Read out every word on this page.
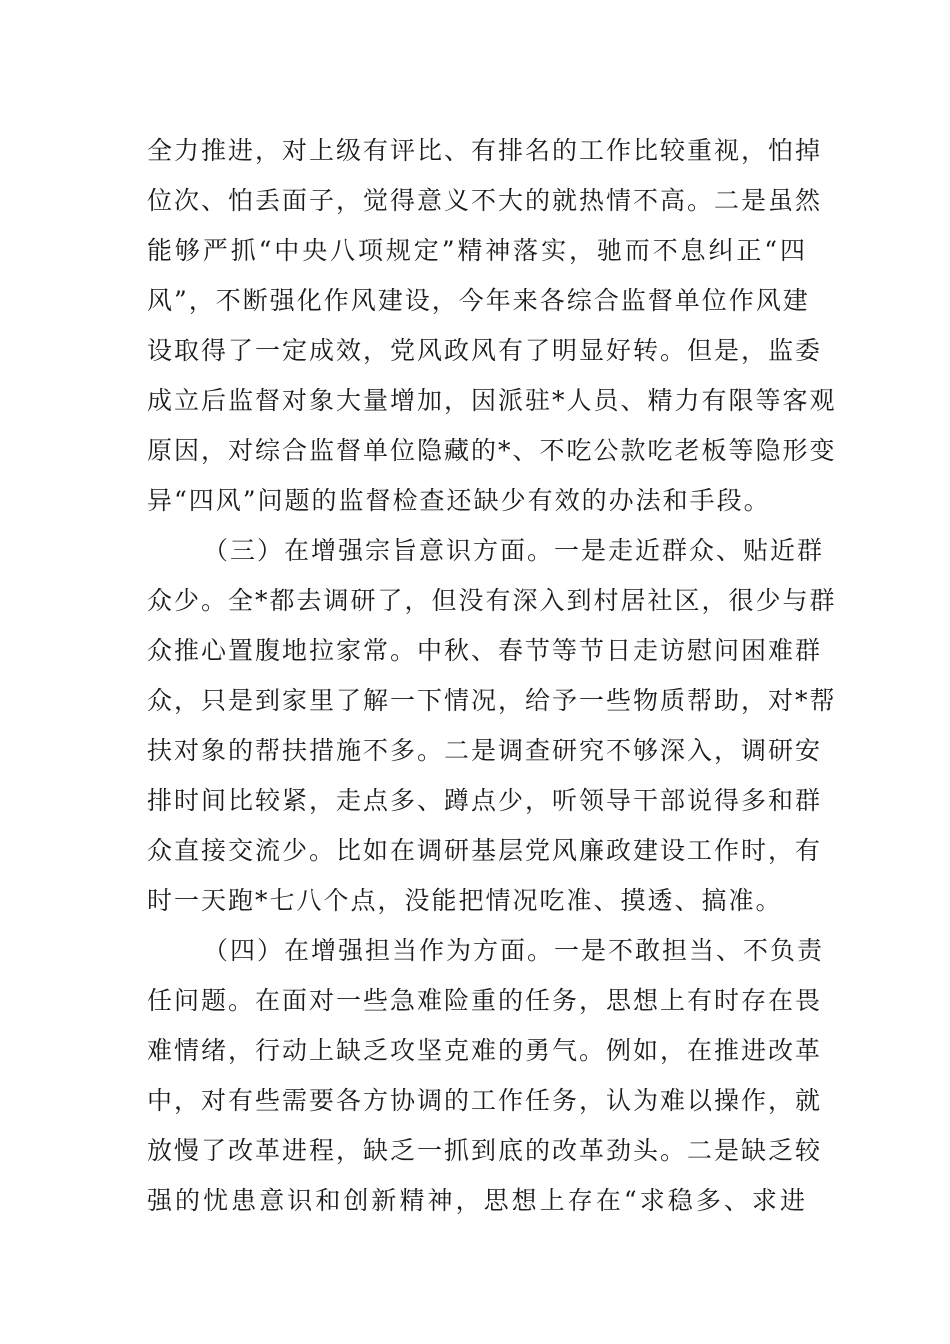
全力推进，对上级有评比、有排名的工作比较重视，怕掉
位次、怕丢面子，觉得意义不大的就热情不高。二是虽然
能够严抓“中央八项规定”精神落实，驰而不息纠正“四
风”，不断强化作风建设，今年来各综合监督单位作风建
设取得了一定成效，党风政风有了明显好转。但是，监委
成立后监督对象大量增加，因派驻*人员、精力有限等客观
原因，对综合监督单位隐藏的*、不吃公款吃老板等隐形变
异“四风”问题的监督检查还缺少有效的办法和手段。
（三）在增强宗旨意识方面。一是走近群众、贴近群
众少。全*都去调研了，但没有深入到村居社区，很少与群
众推心置腹地拉家常。中秋、春节等节日走访慰问困难群
众，只是到家里了解一下情况，给予一些物质帮助，对*帮
扶对象的帮扶措施不多。二是调查研究不够深入，调研安
排时间比较紧，走点多、蹲点少，听领导干部说得多和群
众直接交流少。比如在调研基层党风廉政建设工作时，有
时一天跑*七八个点，没能把情况吃准、摸透、搞准。
（四）在增强担当作为方面。一是不敢担当、不负责
任问题。在面对一些急难险重的任务，思想上有时存在畏
难情绪，行动上缺乏攻坚克难的勇气。例如，在推进改革
中，对有些需要各方协调的工作任务，认为难以操作，就
放慢了改革进程，缺乏一抓到底的改革劲头。二是缺乏较
强的忧患意识和创新精神，思想上存在“求稳多、求进
